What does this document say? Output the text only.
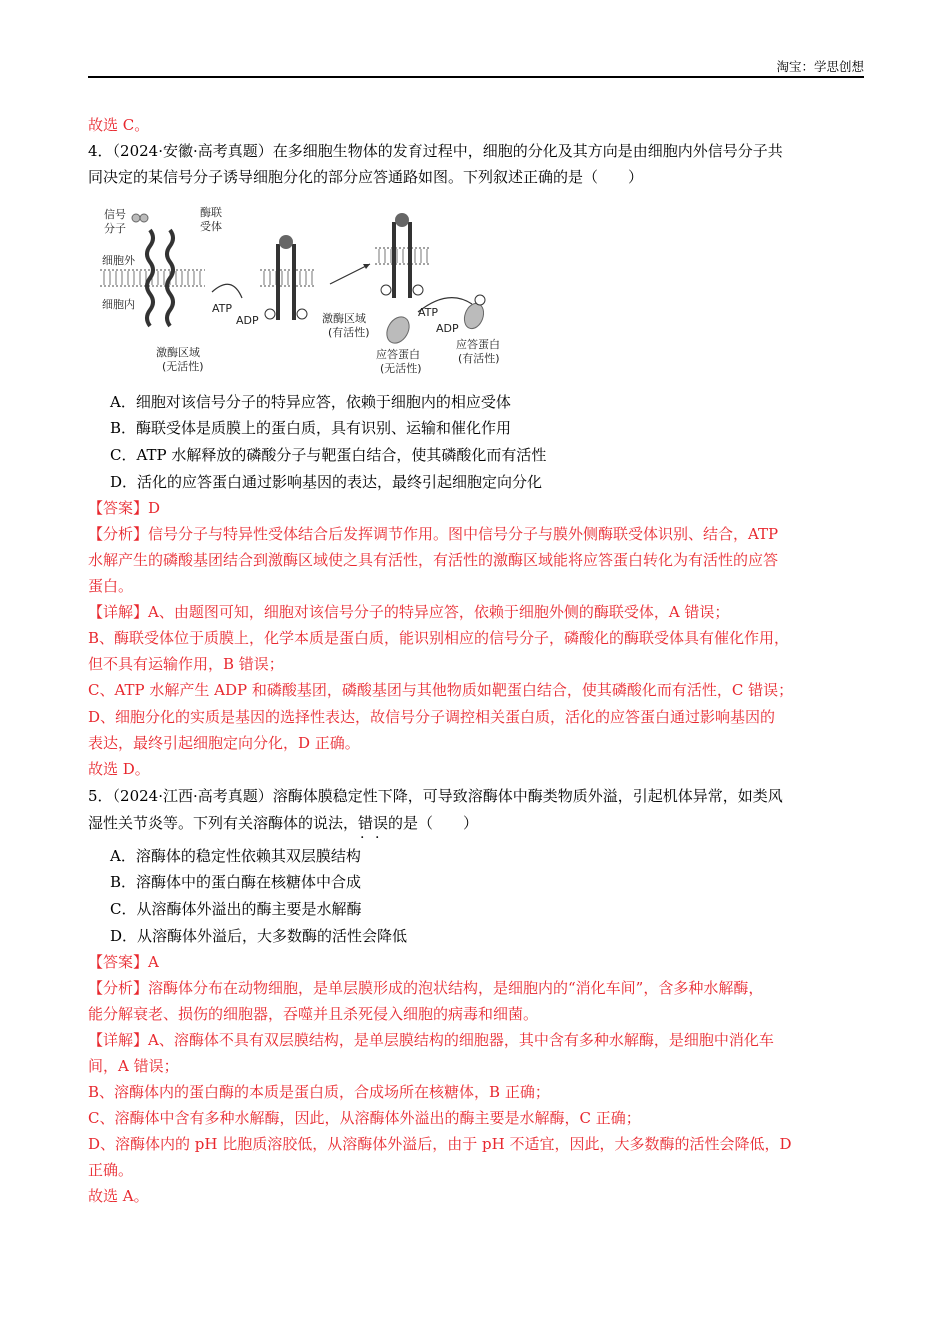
淘宝：学思创想
故选 C。
4．（2024·安徽·高考真题）在多细胞生物体的发育过程中，细胞的分化及其方向是由细胞内外信号分子共
同决定的某信号分子诱导细胞分化的部分应答通路如图。下列叙述正确的是（　　）
信号
分子
酶联
受体
细胞外
细胞内
激酶区域
(无活性)
ATP
ADP	激酶区域
(有活性)
ATP
ADP
应答蛋白
(无活性)
应答蛋白
(有活性)
A．细胞对该信号分子的特异应答，依赖于细胞内的相应受体
B．酶联受体是质膜上的蛋白质，具有识别、运输和催化作用
C．ATP 水解释放的磷酸分子与靶蛋白结合，使其磷酸化而有活性
D．活化的应答蛋白通过影响基因的表达，最终引起细胞定向分化
【答案】D
【分析】信号分子与特异性受体结合后发挥调节作用。图中信号分子与膜外侧酶联受体识别、结合，ATP
水解产生的磷酸基团结合到激酶区域使之具有活性，有活性的激酶区域能将应答蛋白转化为有活性的应答
蛋白。
【详解】A、由题图可知，细胞对该信号分子的特异应答，依赖于细胞外侧的酶联受体，A 错误；
B、酶联受体位于质膜上，化学本质是蛋白质，能识别相应的信号分子，磷酸化的酶联受体具有催化作用，
但不具有运输作用，B 错误；
C、ATP 水解产生 ADP 和磷酸基团，磷酸基团与其他物质如靶蛋白结合，使其磷酸化而有活性，C 错误；
D、细胞分化的实质是基因的选择性表达，故信号分子调控相关蛋白质，活化的应答蛋白通过影响基因的
表达，最终引起细胞定向分化，D 正确。
故选 D。
5．（2024·江西·高考真题）溶酶体膜稳定性下降，可导致溶酶体中酶类物质外溢，引起机体异常，如类风
湿性关节炎等。下列有关溶酶体的说法，错误的是（　　）
A．溶酶体的稳定性依赖其双层膜结构
B．溶酶体中的蛋白酶在核糖体中合成
C．从溶酶体外溢出的酶主要是水解酶
D．从溶酶体外溢后，大多数酶的活性会降低
【答案】A
【分析】溶酶体分布在动物细胞，是单层膜形成的泡状结构，是细胞内的“消化车间”，含多种水解酶，
能分解衰老、损伤的细胞器，吞噬并且杀死侵入细胞的病毒和细菌。
【详解】A、溶酶体不具有双层膜结构，是单层膜结构的细胞器，其中含有多种水解酶，是细胞中消化车
间，A 错误；
B、溶酶体内的蛋白酶的本质是蛋白质，合成场所在核糖体，B 正确；
C、溶酶体中含有多种水解酶，因此，从溶酶体外溢出的酶主要是水解酶，C 正确；
D、溶酶体内的 pH 比胞质溶胶低，从溶酶体外溢后，由于 pH 不适宜，因此，大多数酶的活性会降低，D
正确。
故选 A。
